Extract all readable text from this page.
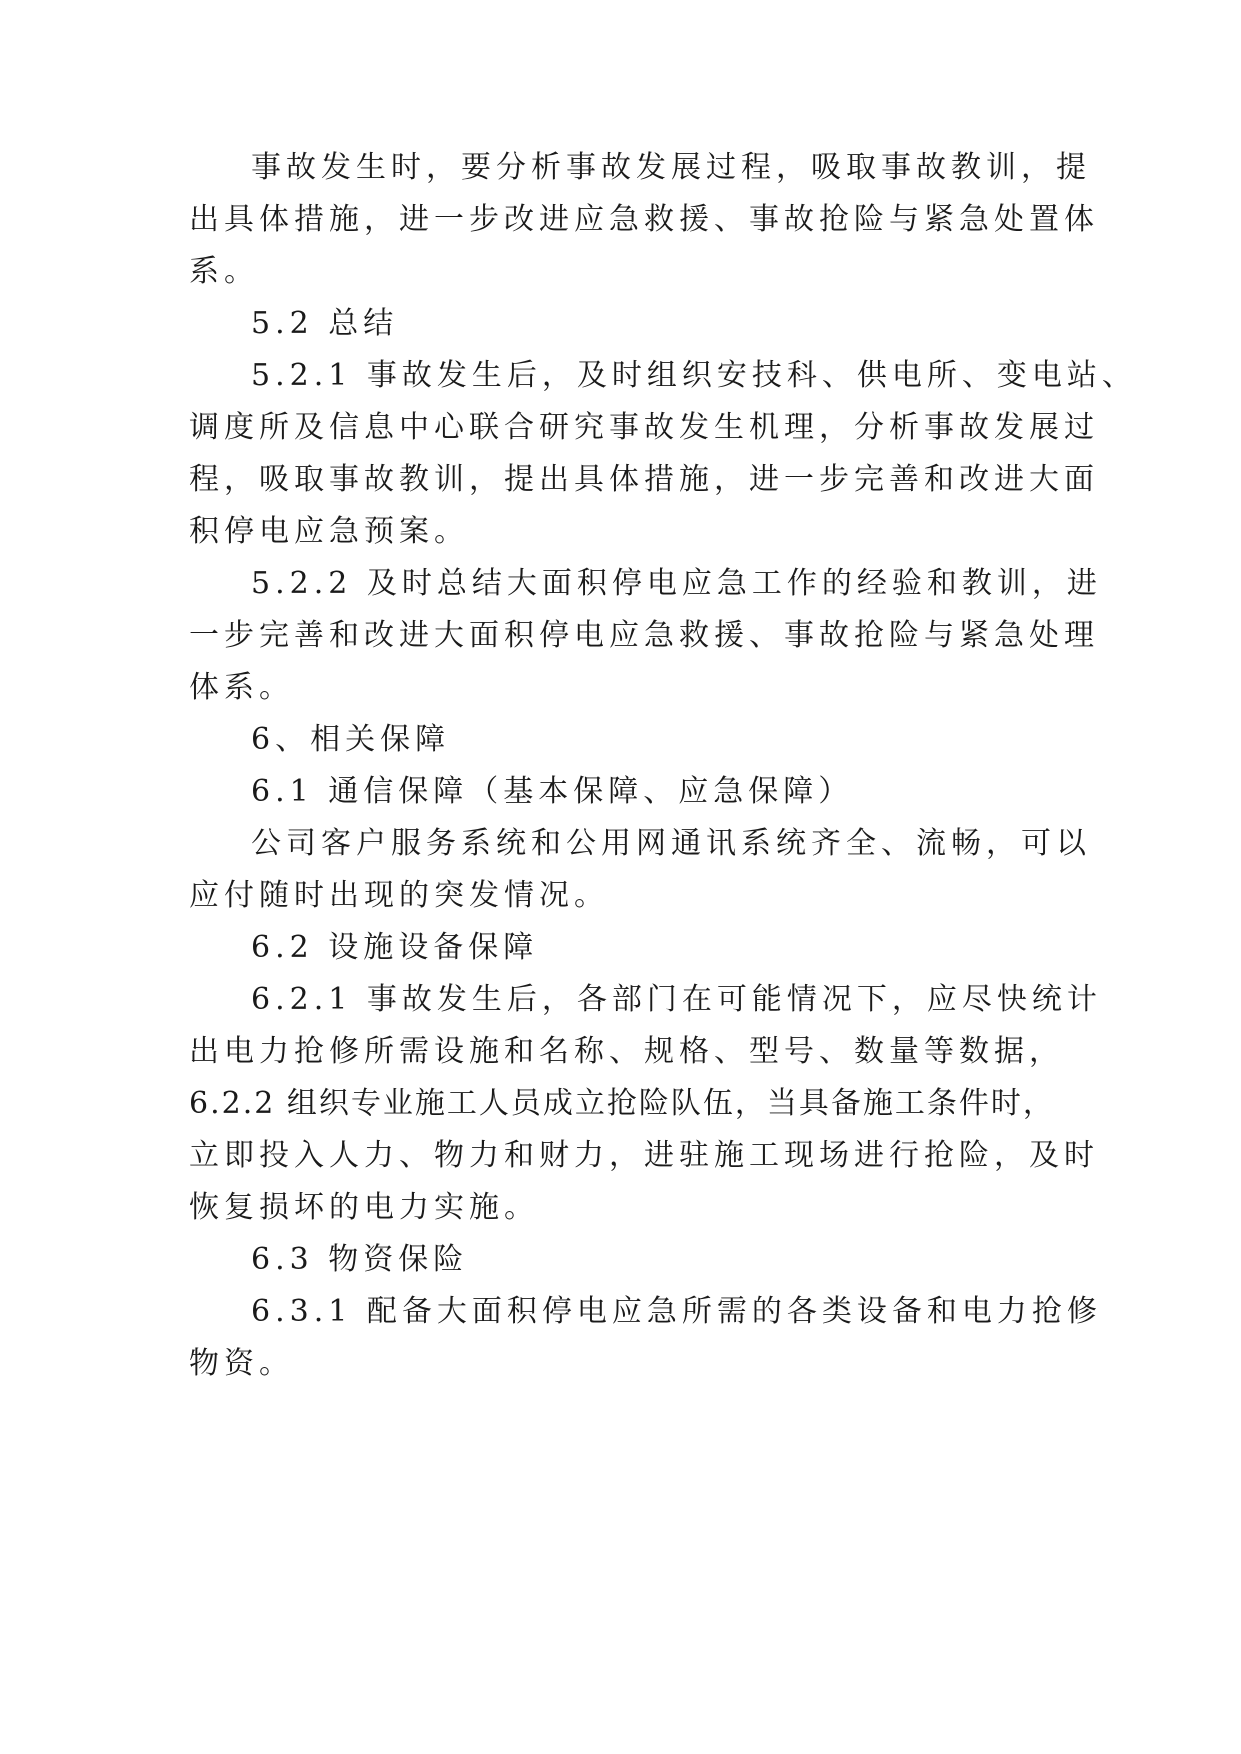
事故发生时，要分析事故发展过程，吸取事故教训，提
出具体措施，进一步改进应急救援、事故抢险与紧急处置体
系。
5.2 总结
5.2.1 事故发生后，及时组织安技科、供电所、变电站、
调度所及信息中心联合研究事故发生机理，分析事故发展过
程，吸取事故教训，提出具体措施，进一步完善和改进大面
积停电应急预案。
5.2.2 及时总结大面积停电应急工作的经验和教训，进
一步完善和改进大面积停电应急救援、事故抢险与紧急处理
体系。
6、相关保障
6.1 通信保障（基本保障、应急保障）
公司客户服务系统和公用网通讯系统齐全、流畅，可以
应付随时出现的突发情况。
6.2 设施设备保障
6.2.1 事故发生后，各部门在可能情况下，应尽快统计
出电力抢修所需设施和名称、规格、型号、数量等数据，
6.2.2 组织专业施工人员成立抢险队伍，当具备施工条件时，
立即投入人力、物力和财力，进驻施工现场进行抢险，及时
恢复损坏的电力实施。
6.3 物资保险
6.3.1 配备大面积停电应急所需的各类设备和电力抢修
物资。
